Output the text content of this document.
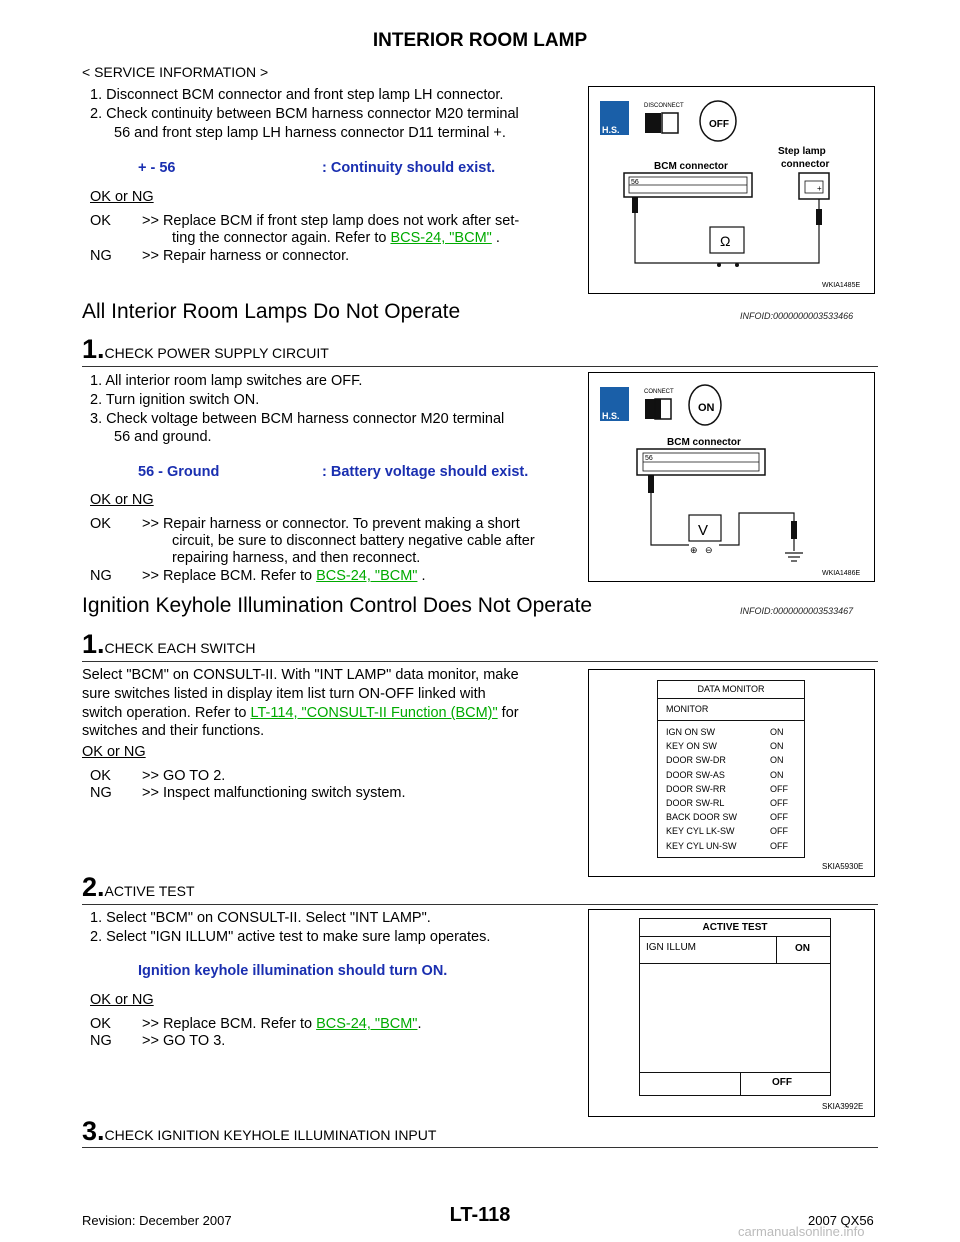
INTERIOR ROOM LAMP
< SERVICE INFORMATION >
1. Disconnect BCM connector and front step lamp LH connector.
2. Check continuity between BCM harness connector M20 terminal
56 and front step lamp LH harness connector D11 terminal +.
+ - 56	: Continuity should exist.
OK or NG
OK >> Replace BCM if front step lamp does not work after set-
ting the connector again. Refer to BCS-24, "BCM" .
NG >> Repair harness or connector.
H.S.
DISCONNECT
OFF
BCM connector
Step lamp
connector
56
+
Ω
WKIA1485E
All Interior Room Lamps Do Not Operate	INFOID:0000000003533466
1.CHECK POWER SUPPLY CIRCUIT
1. All interior room lamp switches are OFF.
2. Turn ignition switch ON.
3. Check voltage between BCM harness connector M20 terminal
56 and ground.
56 - Ground	: Battery voltage should exist.
OK or NG
OK >> Repair harness or connector. To prevent making a short
circuit, be sure to disconnect battery negative cable after
repairing harness, and then reconnect.
NG >> Replace BCM. Refer to BCS-24, "BCM" .
H.S.
CONNECT
ON
BCM connector
56
V
⊕ ⊖
WKIA1486E
Ignition Keyhole Illumination Control Does Not Operate	INFOID:0000000003533467
1.CHECK EACH SWITCH
Select "BCM" on CONSULT-II. With "INT LAMP" data monitor, make
sure switches listed in display item list turn ON-OFF linked with
switch operation. Refer to LT-114, "CONSULT-II Function (BCM)" for
switches and their functions.
OK or NG
OK >> GO TO 2.
NG >> Inspect malfunctioning switch system.
DATA MONITOR
MONITOR
IGN ON SW	ON
KEY ON SW	ON
DOOR SW-DR	ON
DOOR SW-AS	ON
DOOR SW-RR	OFF
DOOR SW-RL	OFF
BACK DOOR SW	OFF
KEY CYL LK-SW	OFF
KEY CYL UN-SW	OFF
SKIA5930E
2.ACTIVE TEST
1. Select "BCM" on CONSULT-II. Select "INT LAMP".
2. Select "IGN ILLUM" active test to make sure lamp operates.
Ignition keyhole illumination should turn ON.
OK or NG
OK >> Replace BCM. Refer to BCS-24, "BCM".
NG >> GO TO 3.
ACTIVE TEST
IGN ILLUM	ON
OFF
SKIA3992E
3.CHECK IGNITION KEYHOLE ILLUMINATION INPUT
Revision: December 2007	LT-118	2007 QX56
carmanualsonline.info
